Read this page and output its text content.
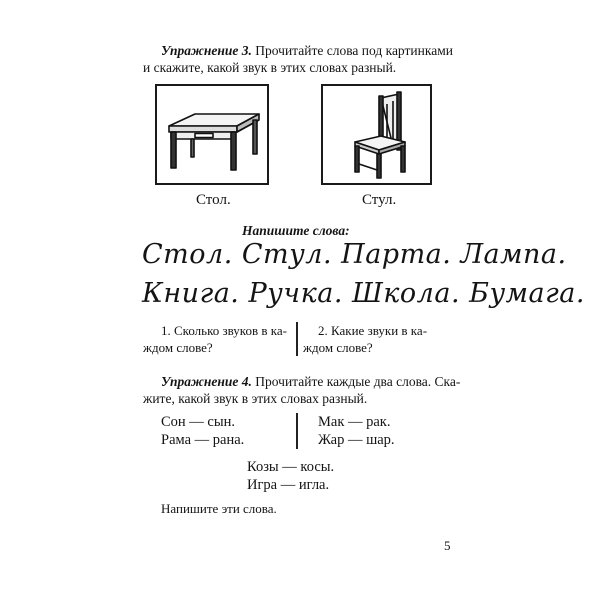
Упражнение 3. Прочитайте слова под картинками
и скажите, какой звук в этих словах разный.
Стол.	Стул.
Напишите слова:
Стол. Стул. Парта. Лампа.
Книга. Ручка. Школа. Бумага.
1. Сколько звуков в ка-
ждом слове?
2. Какие звуки в ка-
ждом слове?
Упражнение 4. Прочитайте каждые два слова. Ска-
жите, какой звук в этих словах разный.
Сон — сын.
Рама — рана.
Мак — рак.
Жар — шар.
Козы — косы.
Игра — игла.
Напишите эти слова.
5
